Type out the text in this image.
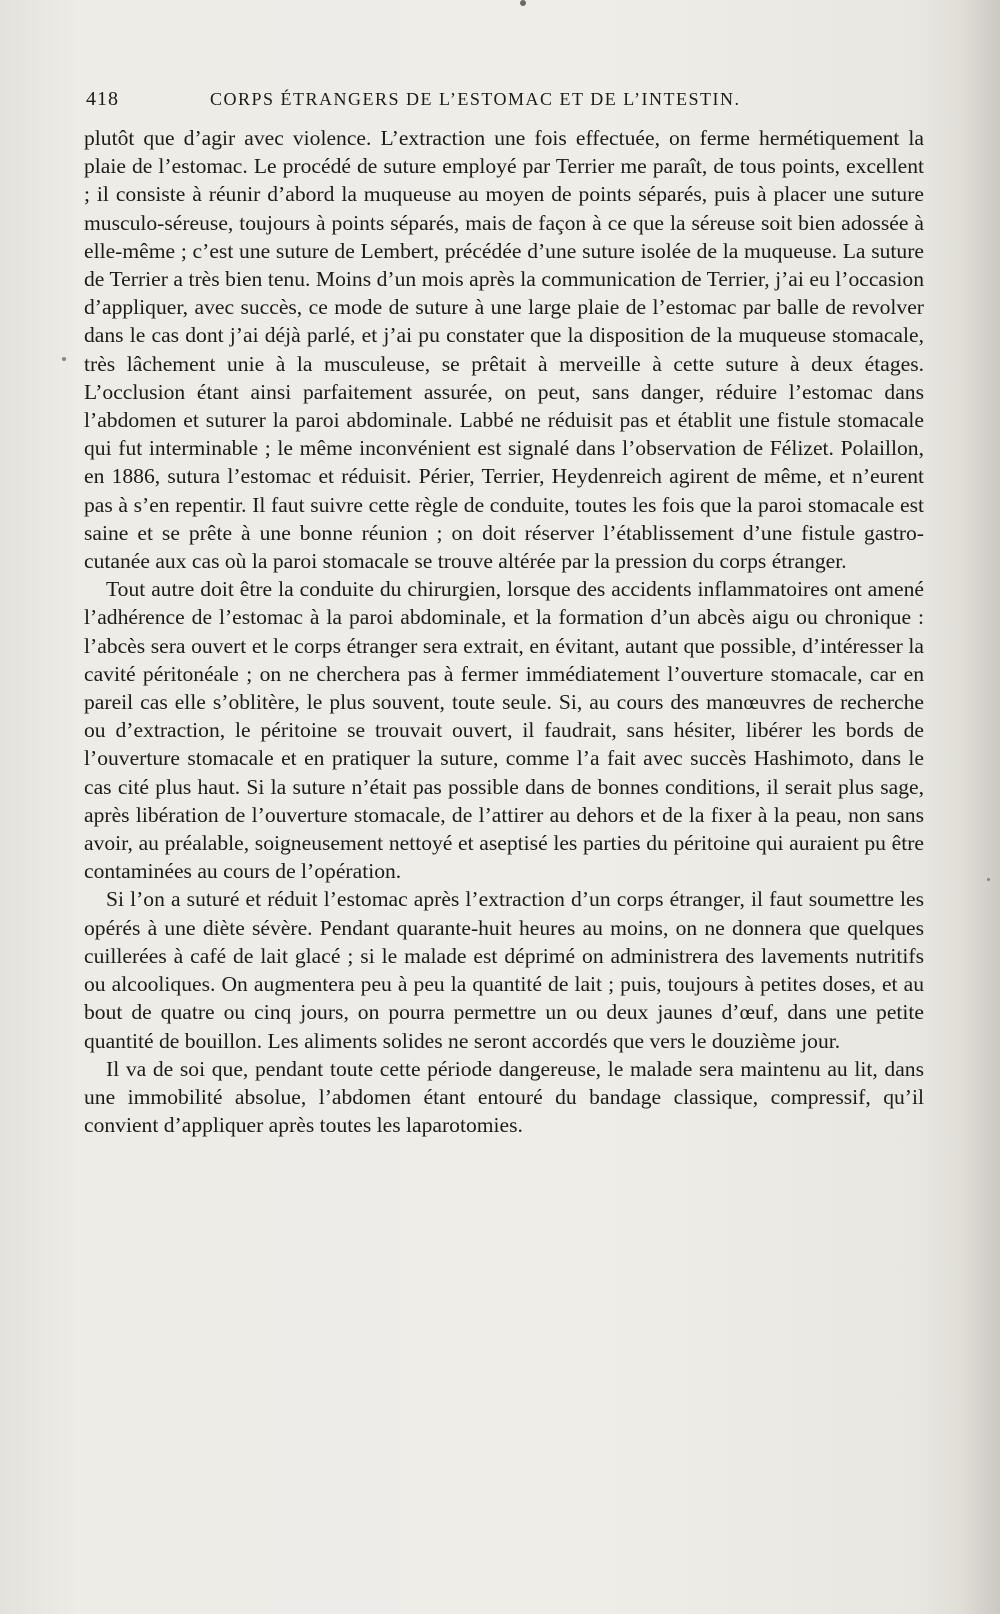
418	CORPS ÉTRANGERS DE L’ESTOMAC ET DE L’INTESTIN.

plutôt que d’agir avec violence. L’extraction une fois effectuée, on ferme hermétiquement la plaie de l’estomac. Le procédé de suture employé par Terrier me paraît, de tous points, excellent ; il consiste à réunir d’abord la muqueuse au moyen de points séparés, puis à placer une suture musculo-séreuse, toujours à points séparés, mais de façon à ce que la séreuse soit bien adossée à elle-même ; c’est une suture de Lembert, précédée d’une suture isolée de la muqueuse. La suture de Terrier a très bien tenu. Moins d’un mois après la communication de Terrier, j’ai eu l’occasion d’appliquer, avec succès, ce mode de suture à une large plaie de l’estomac par balle de revolver dans le cas dont j’ai déjà parlé, et j’ai pu constater que la disposition de la muqueuse stomacale, très lâchement unie à la musculeuse, se prêtait à merveille à cette suture à deux étages. L’occlusion étant ainsi parfaitement assurée, on peut, sans danger, réduire l’estomac dans l’abdomen et suturer la paroi abdominale. Labbé ne réduisit pas et établit une fistule stomacale qui fut interminable ; le même inconvénient est signalé dans l’observation de Félizet. Polaillon, en 1886, sutura l’estomac et réduisit. Périer, Terrier, Heydenreich agirent de même, et n’eurent pas à s’en repentir. Il faut suivre cette règle de conduite, toutes les fois que la paroi stomacale est saine et se prête à une bonne réunion ; on doit réserver l’établissement d’une fistule gastro-cutanée aux cas où la paroi stomacale se trouve altérée par la pression du corps étranger.

Tout autre doit être la conduite du chirurgien, lorsque des accidents inflammatoires ont amené l’adhérence de l’estomac à la paroi abdominale, et la formation d’un abcès aigu ou chronique : l’abcès sera ouvert et le corps étranger sera extrait, en évitant, autant que possible, d’intéresser la cavité péritonéale ; on ne cherchera pas à fermer immédiatement l’ouverture stomacale, car en pareil cas elle s’oblitère, le plus souvent, toute seule. Si, au cours des manœuvres de recherche ou d’extraction, le péritoine se trouvait ouvert, il faudrait, sans hésiter, libérer les bords de l’ouverture stomacale et en pratiquer la suture, comme l’a fait avec succès Hashimoto, dans le cas cité plus haut. Si la suture n’était pas possible dans de bonnes conditions, il serait plus sage, après libération de l’ouverture stomacale, de l’attirer au dehors et de la fixer à la peau, non sans avoir, au préalable, soigneusement nettoyé et aseptisé les parties du péritoine qui auraient pu être contaminées au cours de l’opération.

Si l’on a suturé et réduit l’estomac après l’extraction d’un corps étranger, il faut soumettre les opérés à une diète sévère. Pendant quarante-huit heures au moins, on ne donnera que quelques cuillerées à café de lait glacé ; si le malade est déprimé on administrera des lavements nutritifs ou alcooliques. On augmentera peu à peu la quantité de lait ; puis, toujours à petites doses, et au bout de quatre ou cinq jours, on pourra permettre un ou deux jaunes d’œuf, dans une petite quantité de bouillon. Les aliments solides ne seront accordés que vers le douzième jour.

Il va de soi que, pendant toute cette période dangereuse, le malade sera maintenu au lit, dans une immobilité absolue, l’abdomen étant entouré du bandage classique, compressif, qu’il convient d’appliquer après toutes les laparotomies.
